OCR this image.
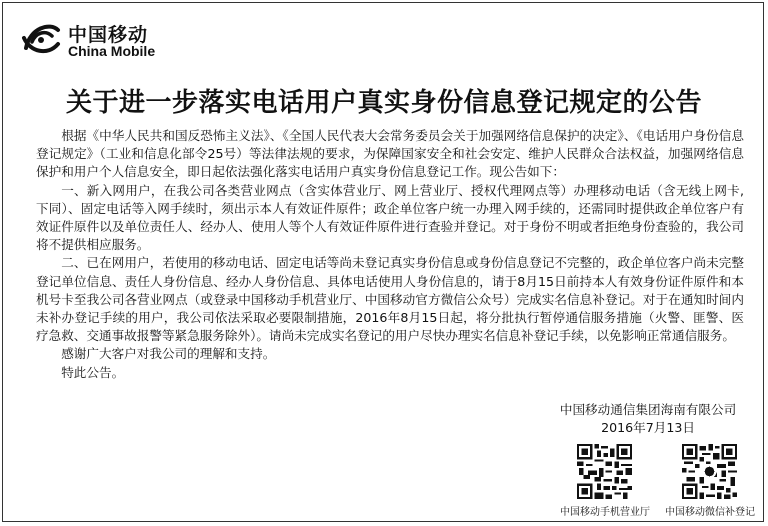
中国移动
China Mobile
关于进一步落实电话用户真实身份信息登记规定的公告

根据《中华人民共和国反恐怖主义法》、《全国人民代表大会常务委员会关于加强网络信息保护的决定》、《电话用户身份信息登记规定》（工业和信息化部令25号）等法律法规的要求，为保障国家安全和社会安定、维护人民群众合法权益，加强网络信息保护和用户个人信息安全，即日起依法强化落实电话用户真实身份信息登记工作。现公告如下：

一、新入网用户，在我公司各类营业网点（含实体营业厅、网上营业厅、授权代理网点等）办理移动电话（含无线上网卡,下同）、固定电话等入网手续时，须出示本人有效证件原件；政企单位客户统一办理入网手续的，还需同时提供政企单位客户有效证件原件以及单位责任人、经办人、使用人等个人有效证件原件进行查验并登记。对于身份不明或者拒绝身份查验的，我公司将不提供相应服务。

二、已在网用户，若使用的移动电话、固定电话等尚未登记真实身份信息或身份信息登记不完整的，政企单位客户尚未完整登记单位信息、责任人身份信息、经办人身份信息、具体电话使用人身份信息的，请于8月15日前持本人有效身份证件原件和本机号卡至我公司各营业网点（或登录中国移动手机营业厅、中国移动官方微信公众号）完成实名信息补登记。对于在通知时间内未补办登记手续的用户，我公司依法采取必要限制措施，2016年8月15日起，将分批执行暂停通信服务措施（火警、匪警、医疗急救、交通事故报警等紧急服务除外）。请尚未完成实名登记的用户尽快办理实名信息补登记手续，以免影响正常通信服务。

感谢广大客户对我公司的理解和支持。

特此公告。

中国移动通信集团海南有限公司
2016年7月13日
中国移动手机营业厅 中国移动微信补登记
